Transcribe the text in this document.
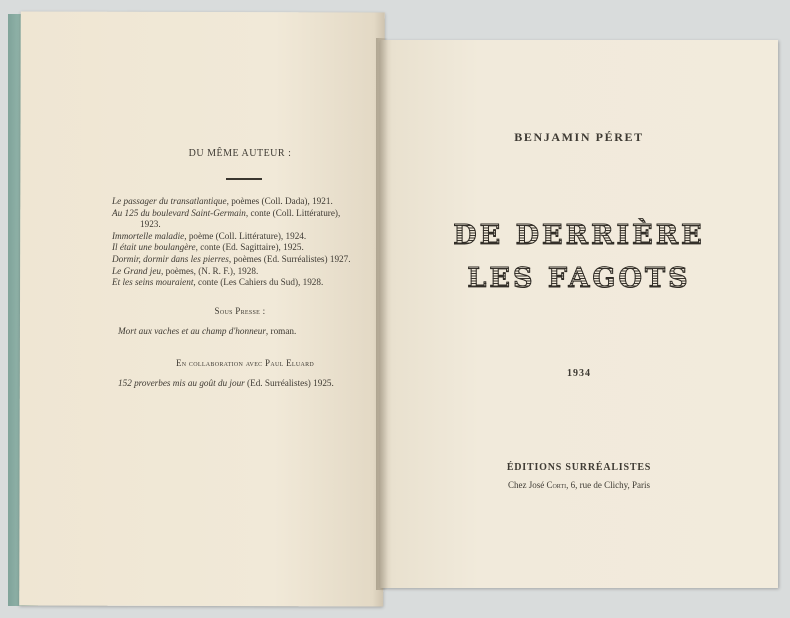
DU MÊME AUTEUR :
Le passager du transatlantique, poèmes (Coll. Dada), 1921.
Au 125 du boulevard Saint-Germain, conte (Coll. Littérature),
1923.
Immortelle maladie, poème (Coll. Littérature), 1924.
Il était une boulangère, conte (Ed. Sagittaire), 1925.
Dormir, dormir dans les pierres, poèmes (Ed. Surréalistes) 1927.
Le Grand jeu, poèmes, (N. R. F.), 1928.
Et les seins mouraient, conte (Les Cahiers du Sud), 1928.
Sous Presse :
Mort aux vaches et au champ d'honneur, roman.
En collaboration avec Paul Eluard
152 proverbes mis au goût du jour (Ed. Surréalistes) 1925.
BENJAMIN PÉRET
DE DERRIÈRE
LES FAGOTS
1934
ÉDITIONS SURRÉALISTES
Chez José Corti, 6, rue de Clichy, Paris
